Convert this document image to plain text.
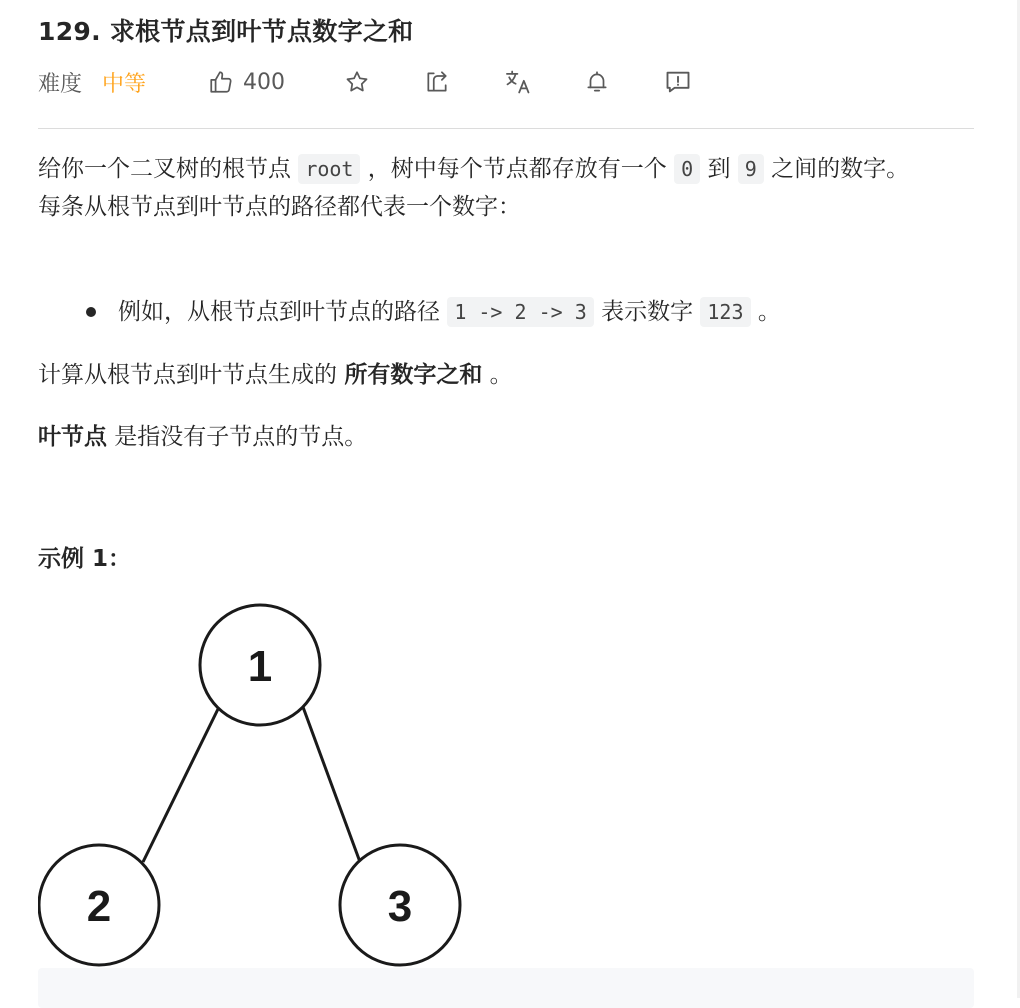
129. 求根节点到叶节点数字之和
难度 中等	400

给你一个二叉树的根节点 root ，树中每个节点都存放有一个 0 到 9 之间的数字。

每条从根节点到叶节点的路径都代表一个数字：

例如，从根节点到叶节点的路径 1 -> 2 -> 3 表示数字 123 。
计算从根节点到叶节点生成的 所有数字之和 。
叶节点 是指没有子节点的节点。
示例 1：
1
2	3
